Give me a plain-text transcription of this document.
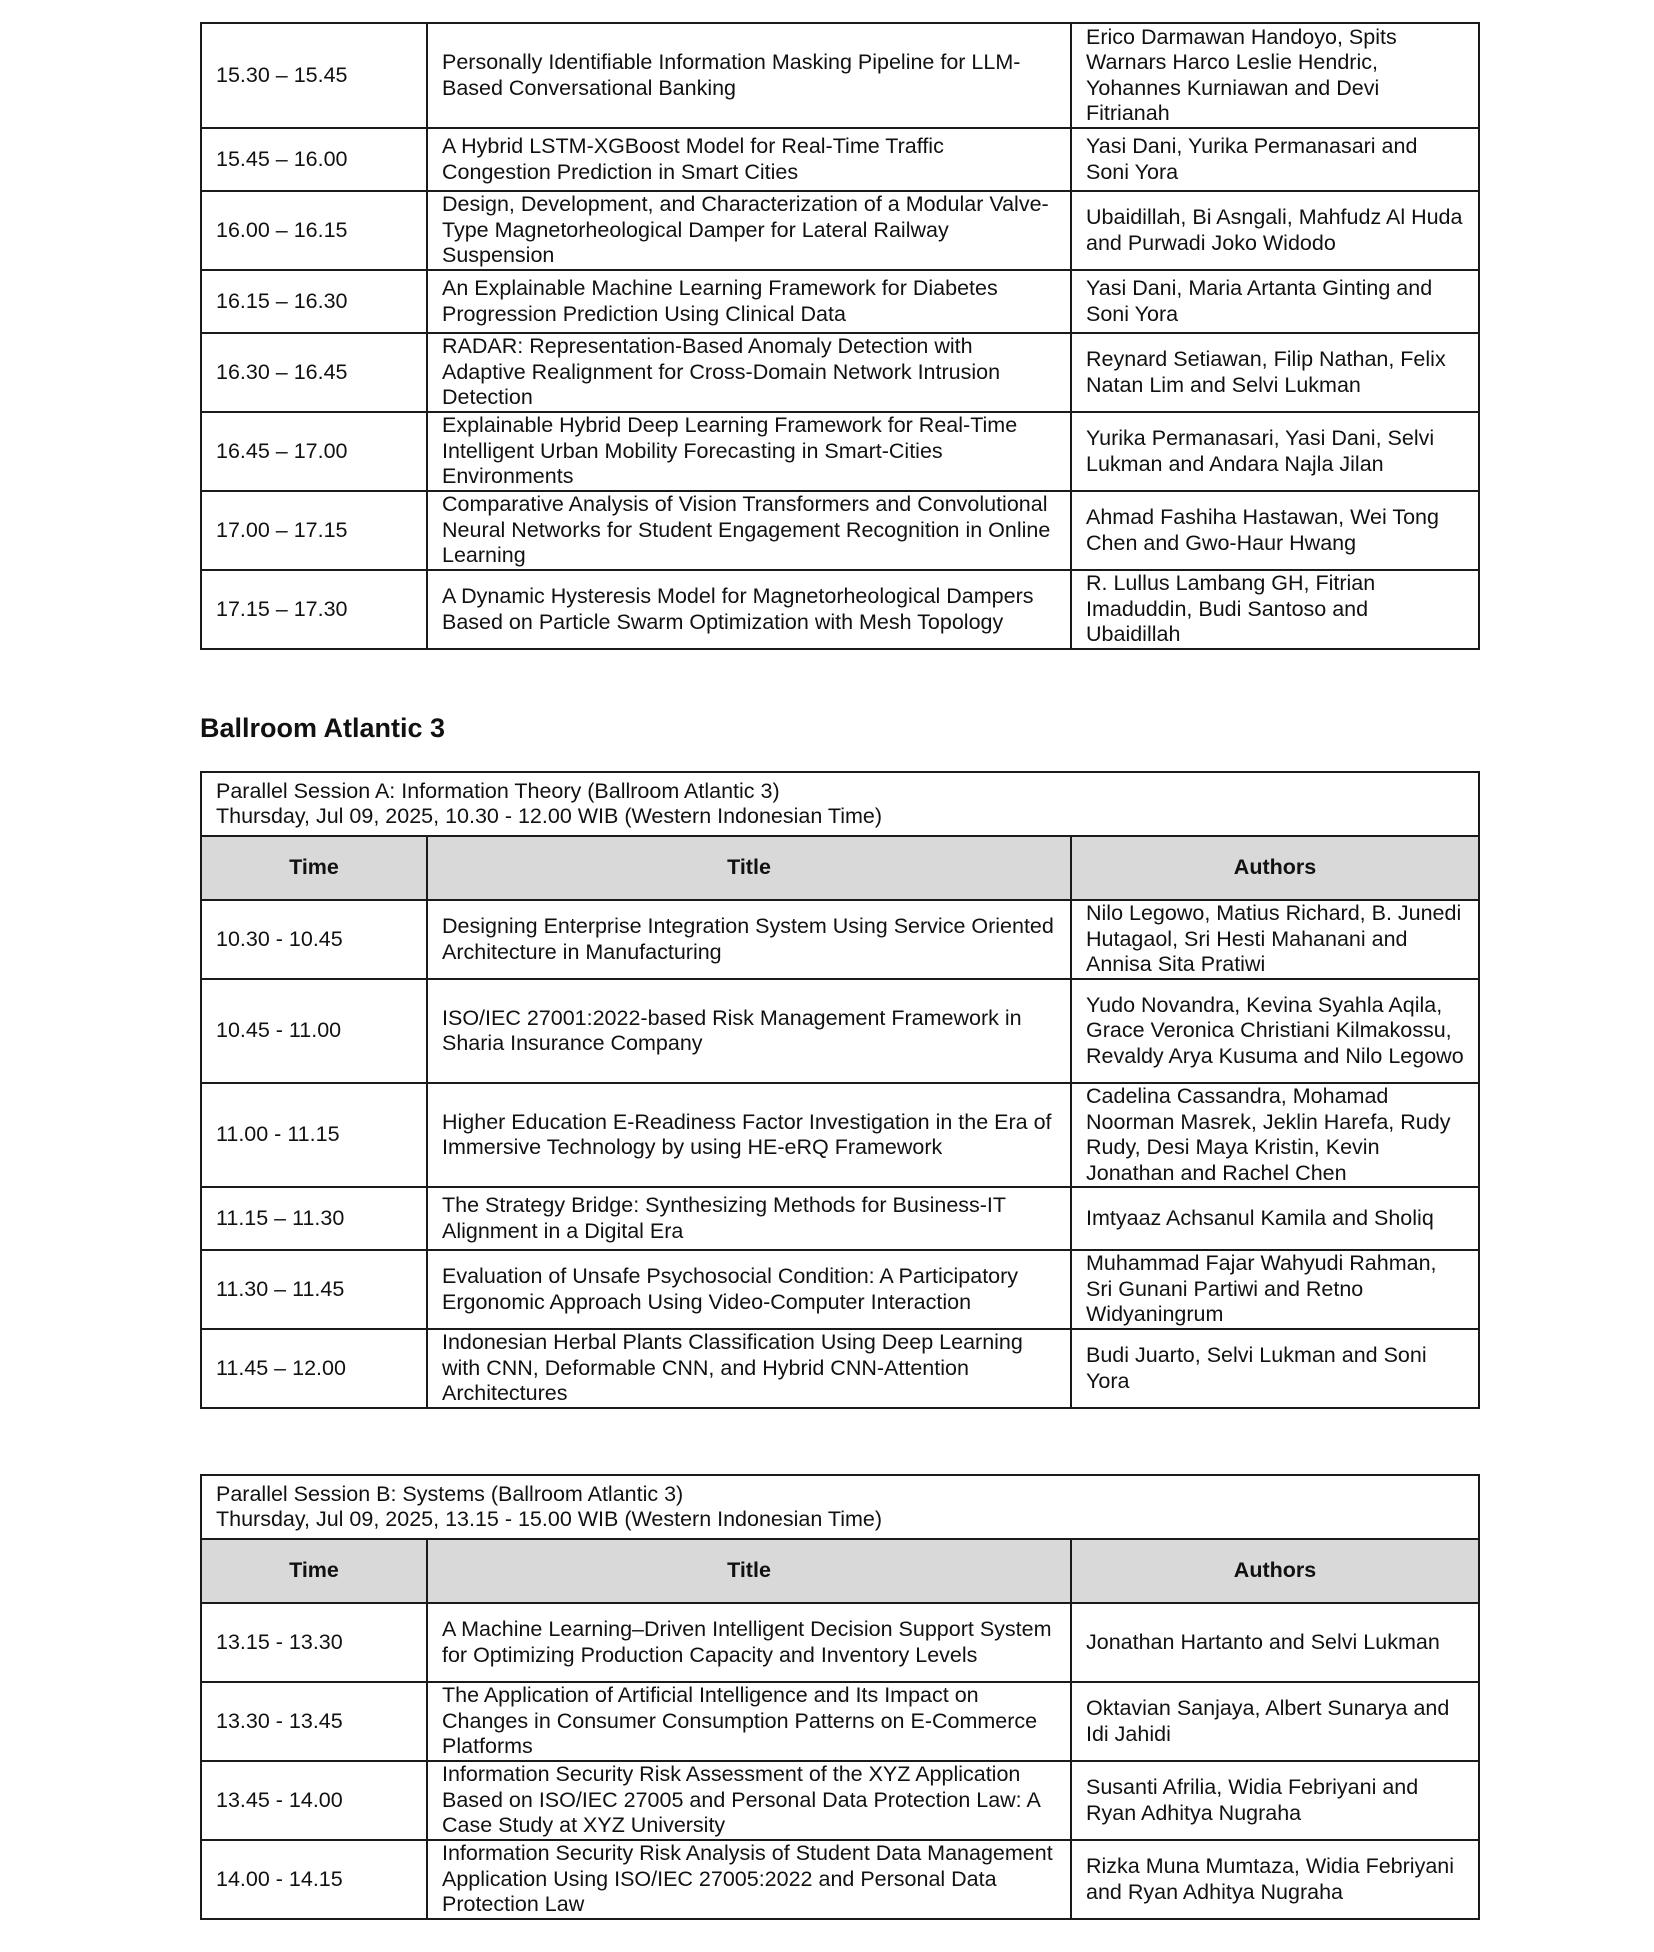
15.30 – 15.45	Personally Identifiable Information Masking Pipeline for LLM-Based Conversational Banking	Erico Darmawan Handoyo, Spits Warnars Harco Leslie Hendric, Yohannes Kurniawan and Devi Fitrianah
15.45 – 16.00	A Hybrid LSTM-XGBoost Model for Real-Time Traffic Congestion Prediction in Smart Cities	Yasi Dani, Yurika Permanasari and Soni Yora
16.00 – 16.15	Design, Development, and Characterization of a Modular Valve-Type Magnetorheological Damper for Lateral Railway Suspension	Ubaidillah, Bi Asngali, Mahfudz Al Huda and Purwadi Joko Widodo
16.15 – 16.30	An Explainable Machine Learning Framework for Diabetes Progression Prediction Using Clinical Data	Yasi Dani, Maria Artanta Ginting and Soni Yora
16.30 – 16.45	RADAR: Representation-Based Anomaly Detection with Adaptive Realignment for Cross-Domain Network Intrusion Detection	Reynard Setiawan, Filip Nathan, Felix Natan Lim and Selvi Lukman
16.45 – 17.00	Explainable Hybrid Deep Learning Framework for Real-Time Intelligent Urban Mobility Forecasting in Smart-Cities Environments	Yurika Permanasari, Yasi Dani, Selvi Lukman and Andara Najla Jilan
17.00 – 17.15	Comparative Analysis of Vision Transformers and Convolutional Neural Networks for Student Engagement Recognition in Online Learning	Ahmad Fashiha Hastawan, Wei Tong Chen and Gwo-Haur Hwang
17.15 – 17.30	A Dynamic Hysteresis Model for Magnetorheological Dampers Based on Particle Swarm Optimization with Mesh Topology	R. Lullus Lambang GH, Fitrian Imaduddin, Budi Santoso and Ubaidillah
Ballroom Atlantic 3
Parallel Session A: Information Theory (Ballroom Atlantic 3)
Thursday, Jul 09, 2025, 10.30 - 12.00 WIB (Western Indonesian Time)		

Time	Title	Authors
10.30 - 10.45	Designing Enterprise Integration System Using Service Oriented Architecture in Manufacturing	Nilo Legowo, Matius Richard, B. Junedi Hutagaol, Sri Hesti Mahanani and Annisa Sita Pratiwi
10.45 - 11.00	ISO/IEC 27001:2022-based Risk Management Framework in Sharia Insurance Company	Yudo Novandra, Kevina Syahla Aqila, Grace Veronica Christiani Kilmakossu, Revaldy Arya Kusuma and Nilo Legowo
11.00 - 11.15	Higher Education E-Readiness Factor Investigation in the Era of Immersive Technology by using HE-eRQ Framework	Cadelina Cassandra, Mohamad Noorman Masrek, Jeklin Harefa, Rudy Rudy, Desi Maya Kristin, Kevin Jonathan and Rachel Chen
11.15 – 11.30	The Strategy Bridge: Synthesizing Methods for Business-IT Alignment in a Digital Era	Imtyaaz Achsanul Kamila and Sholiq
11.30 – 11.45	Evaluation of Unsafe Psychosocial Condition: A Participatory Ergonomic Approach Using Video-Computer Interaction	Muhammad Fajar Wahyudi Rahman, Sri Gunani Partiwi and Retno Widyaningrum
11.45 – 12.00	Indonesian Herbal Plants Classification Using Deep Learning with CNN, Deformable CNN, and Hybrid CNN-Attention Architectures	Budi Juarto, Selvi Lukman and Soni Yora
Parallel Session B: Systems (Ballroom Atlantic 3)
Thursday, Jul 09, 2025, 13.15 - 15.00 WIB (Western Indonesian Time)		

Time	Title	Authors
13.15 - 13.30	A Machine Learning–Driven Intelligent Decision Support System for Optimizing Production Capacity and Inventory Levels	Jonathan Hartanto and Selvi Lukman
13.30 - 13.45	The Application of Artificial Intelligence and Its Impact on Changes in Consumer Consumption Patterns on E-Commerce Platforms	Oktavian Sanjaya, Albert Sunarya and Idi Jahidi
13.45 - 14.00	Information Security Risk Assessment of the XYZ Application Based on ISO/IEC 27005 and Personal Data Protection Law: A Case Study at XYZ University	Susanti Afrilia, Widia Febriyani and Ryan Adhitya Nugraha
14.00 - 14.15	Information Security Risk Analysis of Student Data Management Application Using ISO/IEC 27005:2022 and Personal Data Protection Law	Rizka Muna Mumtaza, Widia Febriyani and Ryan Adhitya Nugraha
